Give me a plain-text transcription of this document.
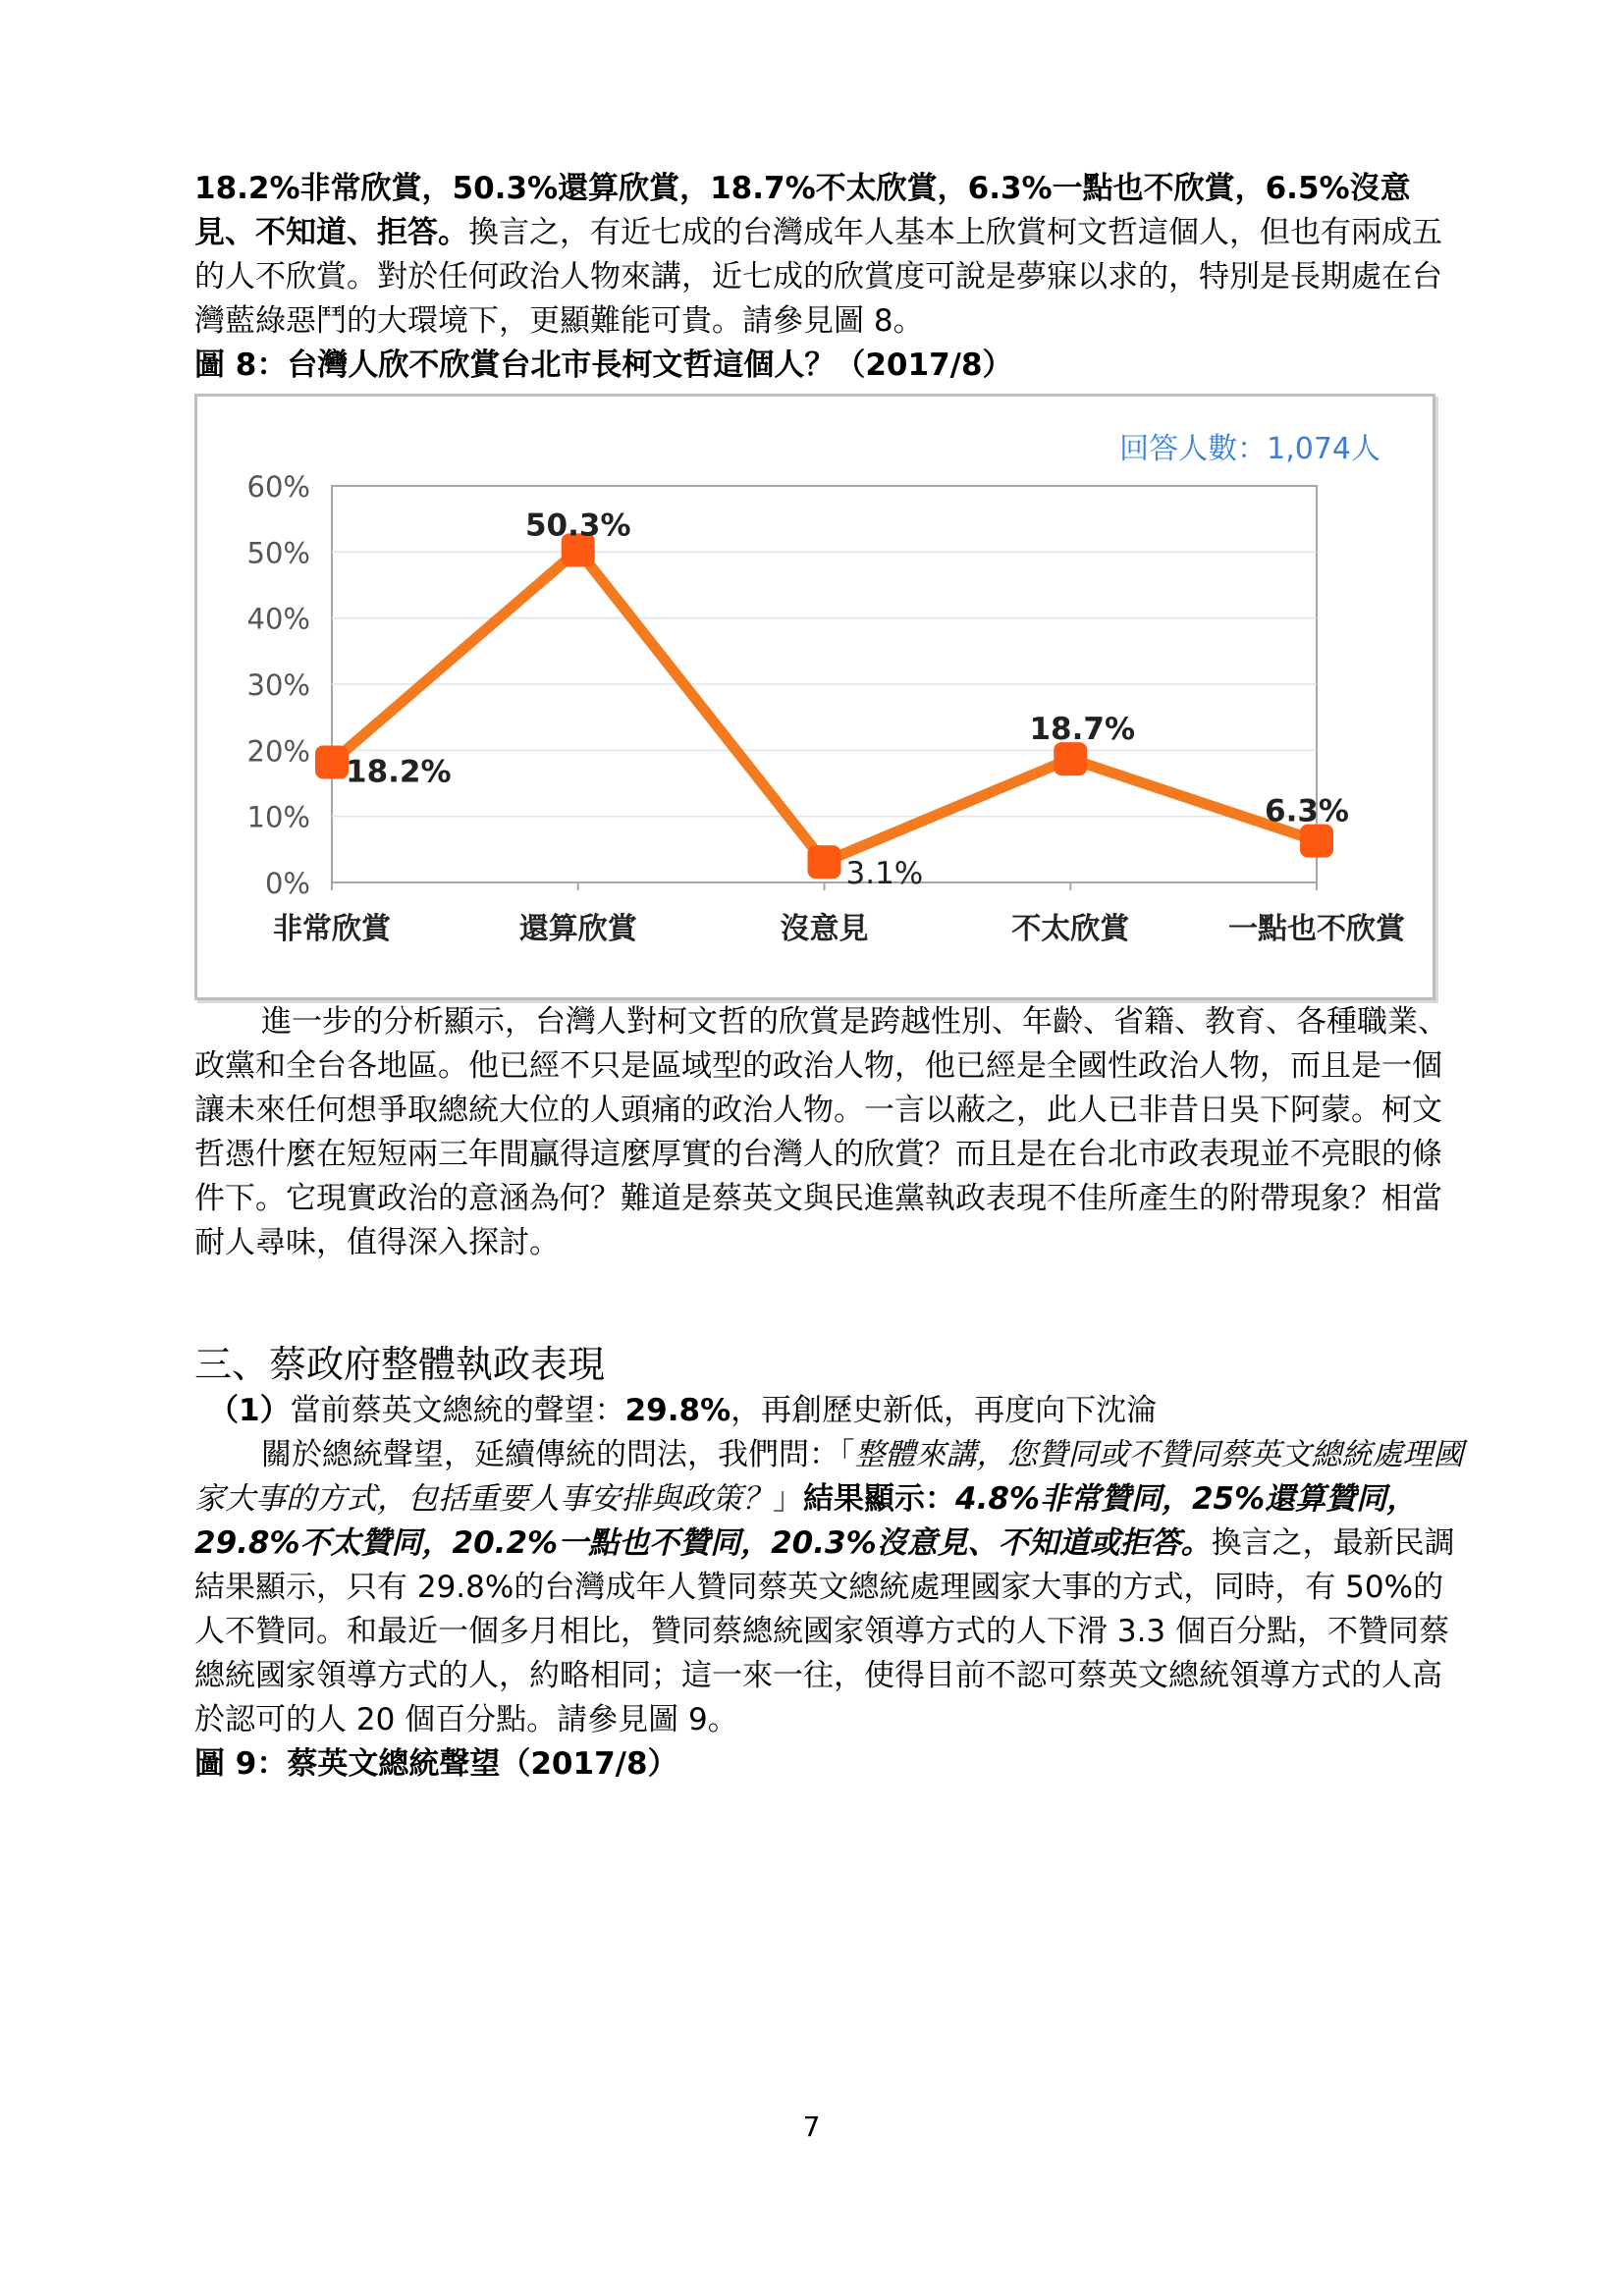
18.2%非常欣賞，50.3%還算欣賞，18.7%不太欣賞，6.3%一點也不欣賞，6.5%沒意見、不知道、拒答。換言之，有近七成的台灣成年人基本上欣賞柯文哲這個人，但也有兩成五的人不欣賞。對於任何政治人物來講，近七成的欣賞度可說是夢寐以求的，特別是長期處在台灣藍綠惡鬥的大環境下，更顯難能可貴。請參見圖 8。

圖 8：台灣人欣不欣賞台北市長柯文哲這個人？（2017/8）

回答人數：1,074人
0%
10%
20%
30%
40%
50%
60%
非常欣賞	還算欣賞	沒意見	不太欣賞	一點也不欣賞
18.2%
50.3%
3.1%
18.7%
6.3%

進一步的分析顯示，台灣人對柯文哲的欣賞是跨越性別、年齡、省籍、教育、各種職業、政黨和全台各地區。他已經不只是區域型的政治人物，他已經是全國性政治人物，而且是一個讓未來任何想爭取總統大位的人頭痛的政治人物。一言以蔽之，此人已非昔日吳下阿蒙。柯文哲憑什麼在短短兩三年間贏得這麼厚實的台灣人的欣賞？而且是在台北市政表現並不亮眼的條件下。它現實政治的意涵為何？難道是蔡英文與民進黨執政表現不佳所產生的附帶現象？相當耐人尋味，值得深入探討。

三、蔡政府整體執政表現

（1）當前蔡英文總統的聲望：29.8%，再創歷史新低，再度向下沈淪

關於總統聲望，延續傳統的問法，我們問：「整體來講，您贊同或不贊同蔡英文總統處理國家大事的方式，包括重要人事安排與政策？」結果顯示：4.8%非常贊同，25%還算贊同，29.8%不太贊同，20.2%一點也不贊同，20.3%沒意見、不知道或拒答。換言之，最新民調結果顯示，只有 29.8%的台灣成年人贊同蔡英文總統處理國家大事的方式，同時，有 50%的人不贊同。和最近一個多月相比，贊同蔡總統國家領導方式的人下滑 3.3 個百分點，不贊同蔡總統國家領導方式的人，約略相同；這一來一往，使得目前不認可蔡英文總統領導方式的人高於認可的人 20 個百分點。請參見圖 9。

圖 9：蔡英文總統聲望（2017/8）

7
